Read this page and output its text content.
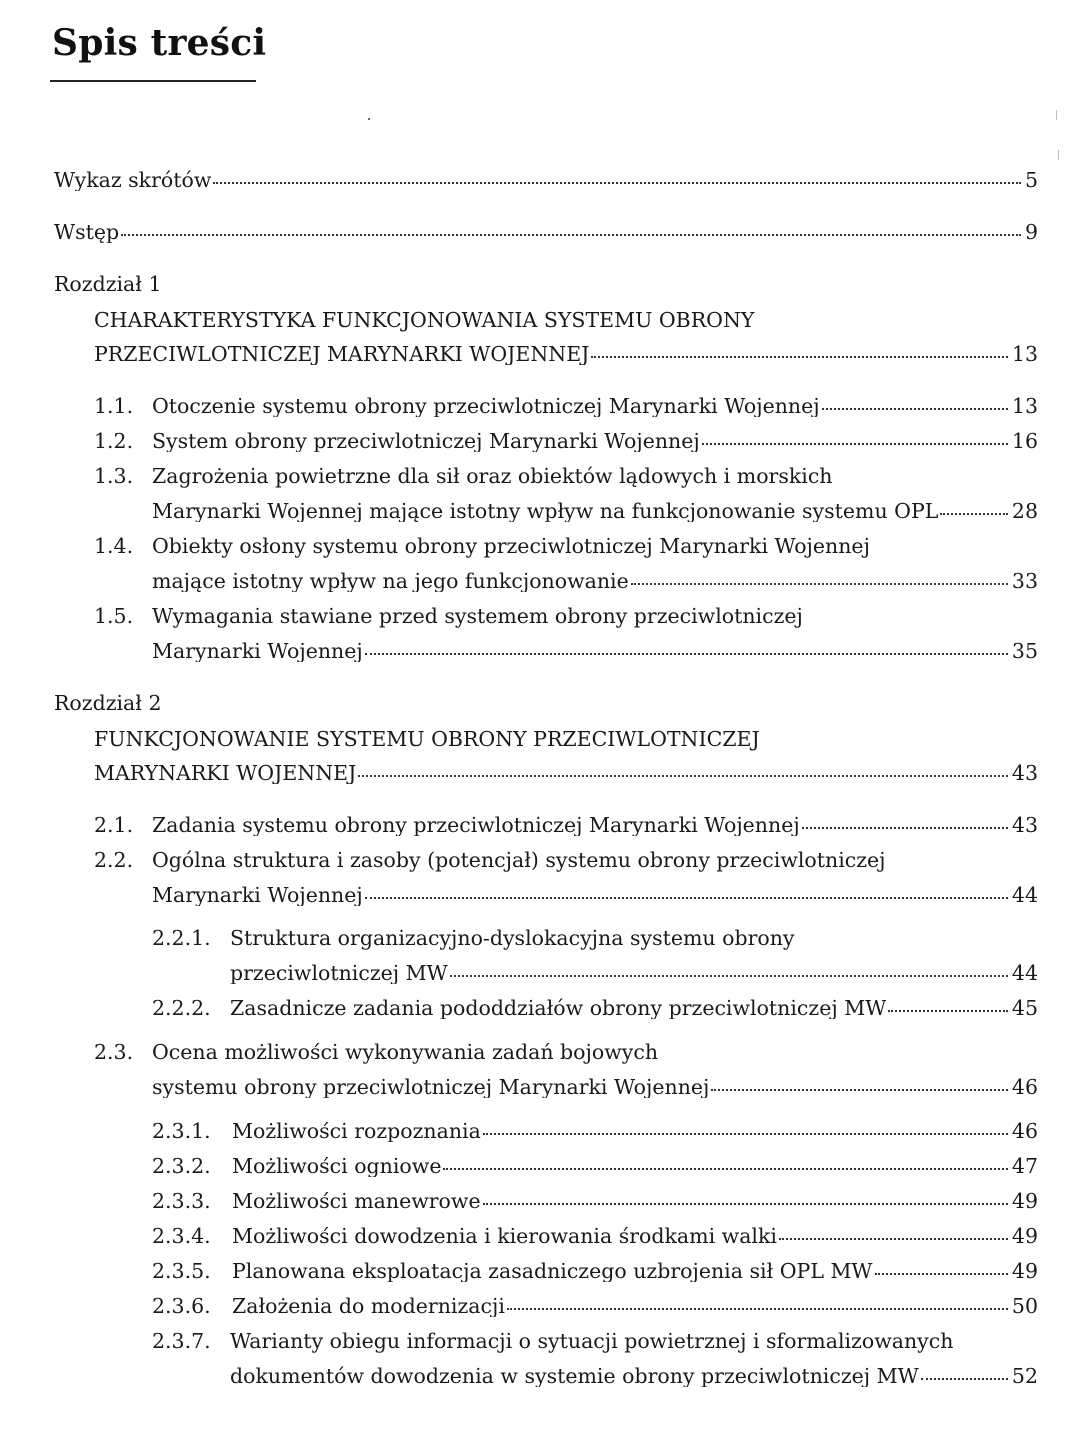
Spis treści
Wykaz skrótów	5
Wstęp	9
Rozdział 1
CHARAKTERYSTYKA FUNKCJONOWANIA SYSTEMU OBRONY
PRZECIWLOTNICZEJ MARYNARKI WOJENNEJ	13
1.1. Otoczenie systemu obrony przeciwlotniczej Marynarki Wojennej	13
1.2. System obrony przeciwlotniczej Marynarki Wojennej	16
1.3. Zagrożenia powietrzne dla sił oraz obiektów lądowych i morskich
Marynarki Wojennej mające istotny wpływ na funkcjonowanie systemu OPL	28
1.4. Obiekty osłony systemu obrony przeciwlotniczej Marynarki Wojennej
mające istotny wpływ na jego funkcjonowanie	33
1.5. Wymagania stawiane przed systemem obrony przeciwlotniczej
Marynarki Wojennej	35
Rozdział 2
FUNKCJONOWANIE SYSTEMU OBRONY PRZECIWLOTNICZEJ
MARYNARKI WOJENNEJ	43
2.1. Zadania systemu obrony przeciwlotniczej Marynarki Wojennej	43
2.2. Ogólna struktura i zasoby (potencjał) systemu obrony przeciwlotniczej
Marynarki Wojennej	44
2.2.1. Struktura organizacyjno-dyslokacyjna systemu obrony
przeciwlotniczej MW	44
2.2.2. Zasadnicze zadania pododdziałów obrony przeciwlotniczej MW	45
2.3. Ocena możliwości wykonywania zadań bojowych
systemu obrony przeciwlotniczej Marynarki Wojennej	46
2.3.1.	Możliwości rozpoznania	46
2.3.2.	Możliwości ogniowe	47
2.3.3.	Możliwości manewrowe	49
2.3.4.	Możliwości dowodzenia i kierowania środkami walki	49
2.3.5.	Planowana eksploatacja zasadniczego uzbrojenia sił OPL MW	49
2.3.6.	Założenia do modernizacji	50
2.3.7. Warianty obiegu informacji o sytuacji powietrznej i sformalizowanych
dokumentów dowodzenia w systemie obrony przeciwlotniczej MW	52
